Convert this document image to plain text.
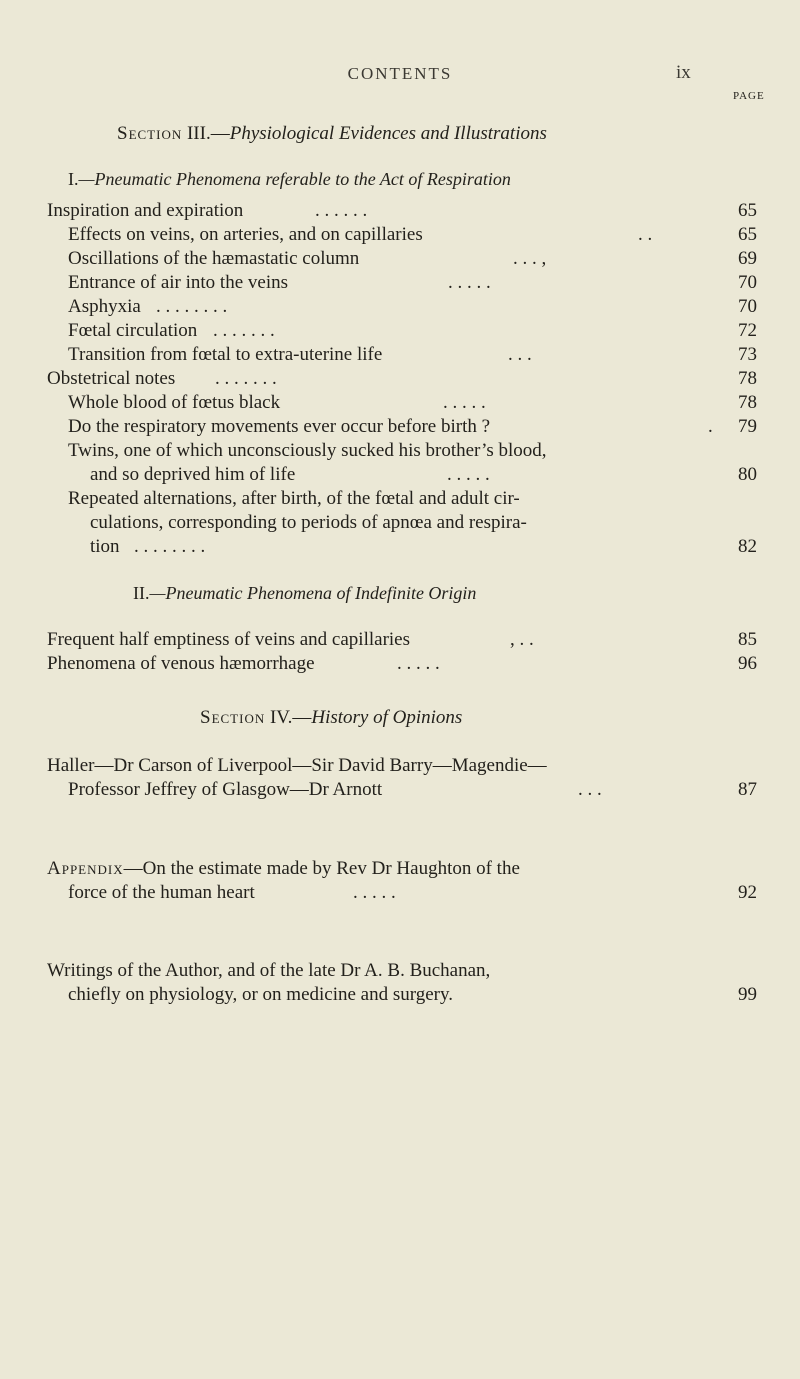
CONTENTS	ix
Section III.—Physiological Evidences and Illustrations
I.—Pneumatic Phenomena referable to the Act of Respiration
PAGE
Inspiration and expiration	. . . . . .	65
Effects on veins, on arteries, and on capillaries	. .	65
Oscillations of the hæmastatic column	. . . ,	69
Entrance of air into the veins	. . . . .	70
Asphyxia . . . . . . . .	70
Fœtal circulation . . . . . . .	72
Transition from fœtal to extra-uterine life	. . .	73
Obstetrical notes . . . . . . .	78
Whole blood of fœtus black	. . . . .	78
Do the respiratory movements ever occur before birth ?	. 79
Twins, one of which unconsciously sucked his brother’s blood,
and so deprived him of life	. . . . .	80
Repeated alternations, after birth, of the fœtal and adult cir-
culations, corresponding to periods of apnœa and respira-
tion . . . . . . . .	82
II.—Pneumatic Phenomena of Indefinite Origin
Frequent half emptiness of veins and capillaries	, . .	85
Phenomena of venous hæmorrhage	. . . . .	96
Section IV.—History of Opinions
Haller—Dr Carson of Liverpool—Sir David Barry—Magendie—
Professor Jeffrey of Glasgow—Dr Arnott	. . .	87
Appendix—On the estimate made by Rev Dr Haughton of the
force of the human heart	. . . . .	92
Writings of the Author, and of the late Dr A. B. Buchanan,
chiefly on physiology, or on medicine and surgery.	99
